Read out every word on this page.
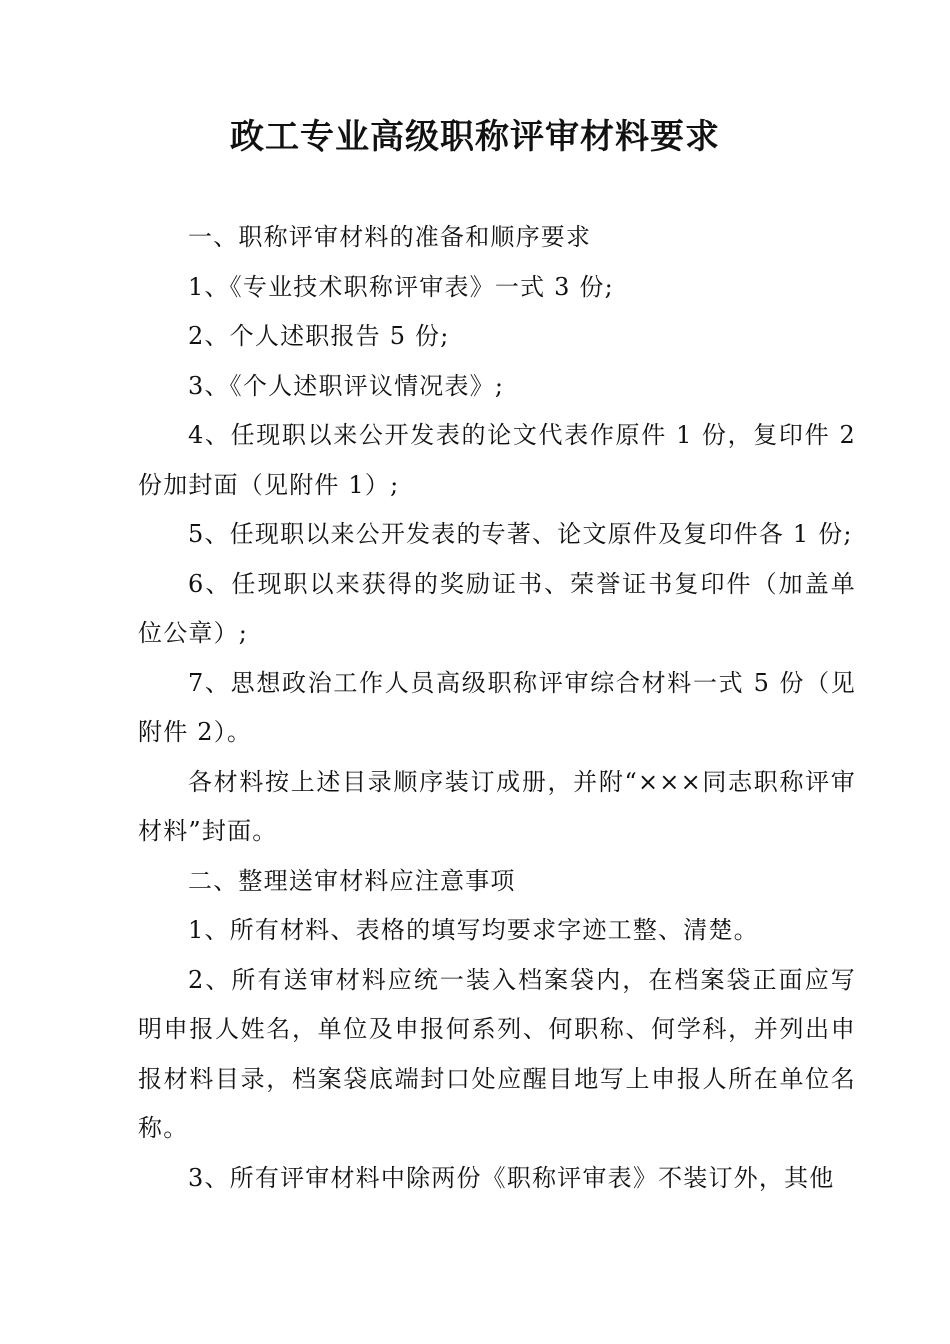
政工专业高级职称评审材料要求

一、职称评审材料的准备和顺序要求

1、《专业技术职称评审表》一式 3 份;

2、个人述职报告 5 份;

3、《个人述职评议情况表》;

4、任现职以来公开发表的论文代表作原件 1 份，复印件 2 份加封面（见附件 1）;

5、任现职以来公开发表的专著、论文原件及复印件各 1 份;

6、任现职以来获得的奖励证书、荣誉证书复印件（加盖单位公章）;

7、思想政治工作人员高级职称评审综合材料一式 5 份（见附件 2）。

各材料按上述目录顺序装订成册，并附“×××同志职称评审材料”封面。

二、整理送审材料应注意事项

1、所有材料、表格的填写均要求字迹工整、清楚。

2、所有送审材料应统一装入档案袋内，在档案袋正面应写明申报人姓名，单位及申报何系列、何职称、何学科，并列出申报材料目录，档案袋底端封口处应醒目地写上申报人所在单位名称。

3、所有评审材料中除两份《职称评审表》不装订外，其他
